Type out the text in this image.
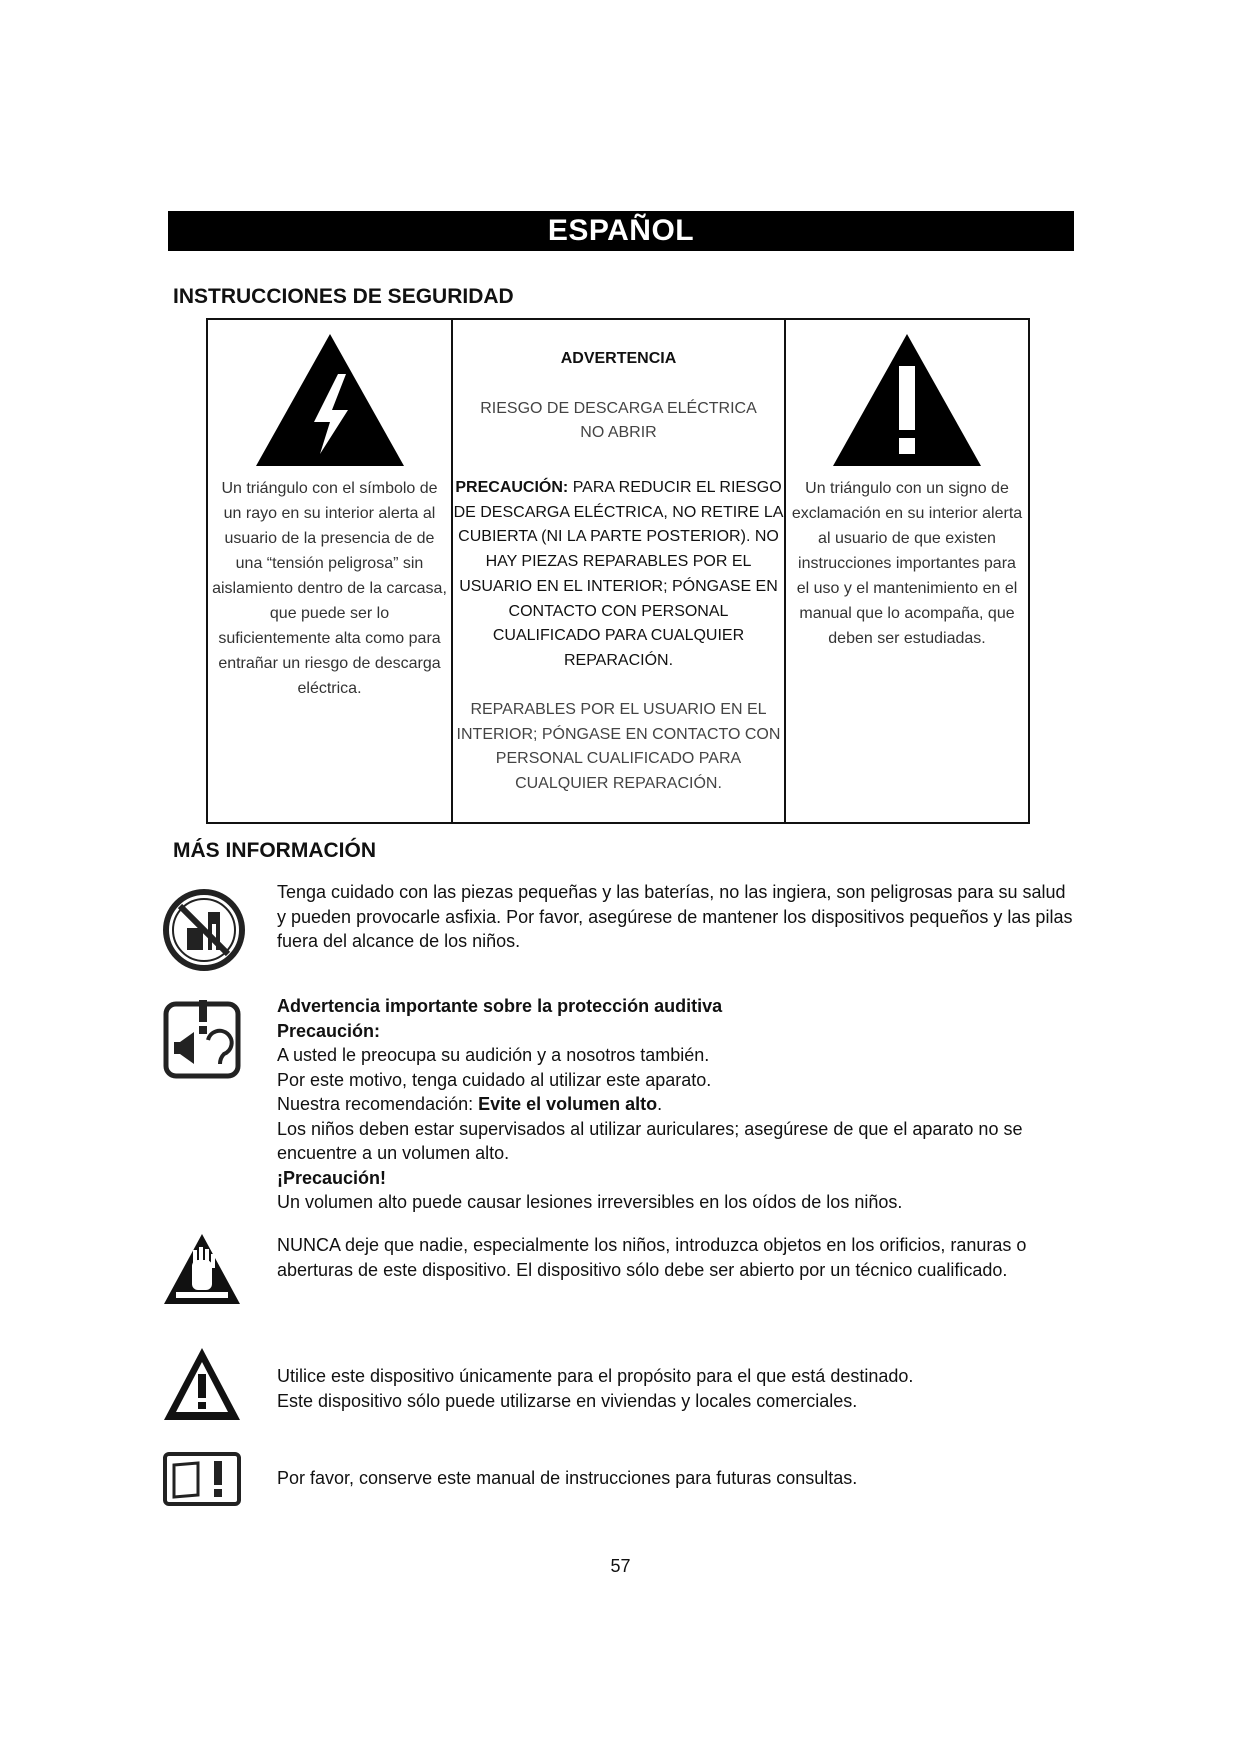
ESPAÑOL
INSTRUCCIONES DE SEGURIDAD
Un triángulo con el símbolo de un rayo en su interior alerta al usuario de la presencia de de una “tensión peligrosa” sin aislamiento dentro de la carcasa, que puede ser lo suficientemente alta como para entrañar un riesgo de descarga eléctrica.
ADVERTENCIA
RIESGO DE DESCARGA ELÉCTRICA
NO ABRIR
PRECAUCIÓN: PARA REDUCIR EL RIESGO DE DESCARGA ELÉCTRICA, NO RETIRE LA CUBIERTA (NI LA PARTE POSTERIOR). NO HAY PIEZAS REPARABLES POR EL USUARIO EN EL INTERIOR; PÓNGASE EN CONTACTO CON PERSONAL CUALIFICADO PARA CUALQUIER REPARACIÓN.
REPARABLES POR EL USUARIO EN EL INTERIOR; PÓNGASE EN CONTACTO CON PERSONAL CUALIFICADO PARA CUALQUIER REPARACIÓN.
Un triángulo con un signo de exclamación en su interior alerta al usuario de que existen instrucciones importantes para el uso y el mantenimiento en el manual que lo acompaña, que deben ser estudiadas.
MÁS INFORMACIÓN
Tenga cuidado con las piezas pequeñas y las baterías, no las ingiera, son peligrosas para su salud y pueden provocarle asfixia. Por favor, asegúrese de mantener los dispositivos pequeños y las pilas fuera del alcance de los niños.
Advertencia importante sobre la protección auditiva
Precaución:
A usted le preocupa su audición y a nosotros también.
Por este motivo, tenga cuidado al utilizar este aparato.
Nuestra recomendación: Evite el volumen alto.
Los niños deben estar supervisados al utilizar auriculares; asegúrese de que el aparato no se encuentre a un volumen alto.
¡Precaución!
Un volumen alto puede causar lesiones irreversibles en los oídos de los niños.
NUNCA deje que nadie, especialmente los niños, introduzca objetos en los orificios, ranuras o aberturas de este dispositivo. El dispositivo sólo debe ser abierto por un técnico cualificado.
Utilice este dispositivo únicamente para el propósito para el que está destinado.
Este dispositivo sólo puede utilizarse en viviendas y locales comerciales.
Por favor, conserve este manual de instrucciones para futuras consultas.
57
